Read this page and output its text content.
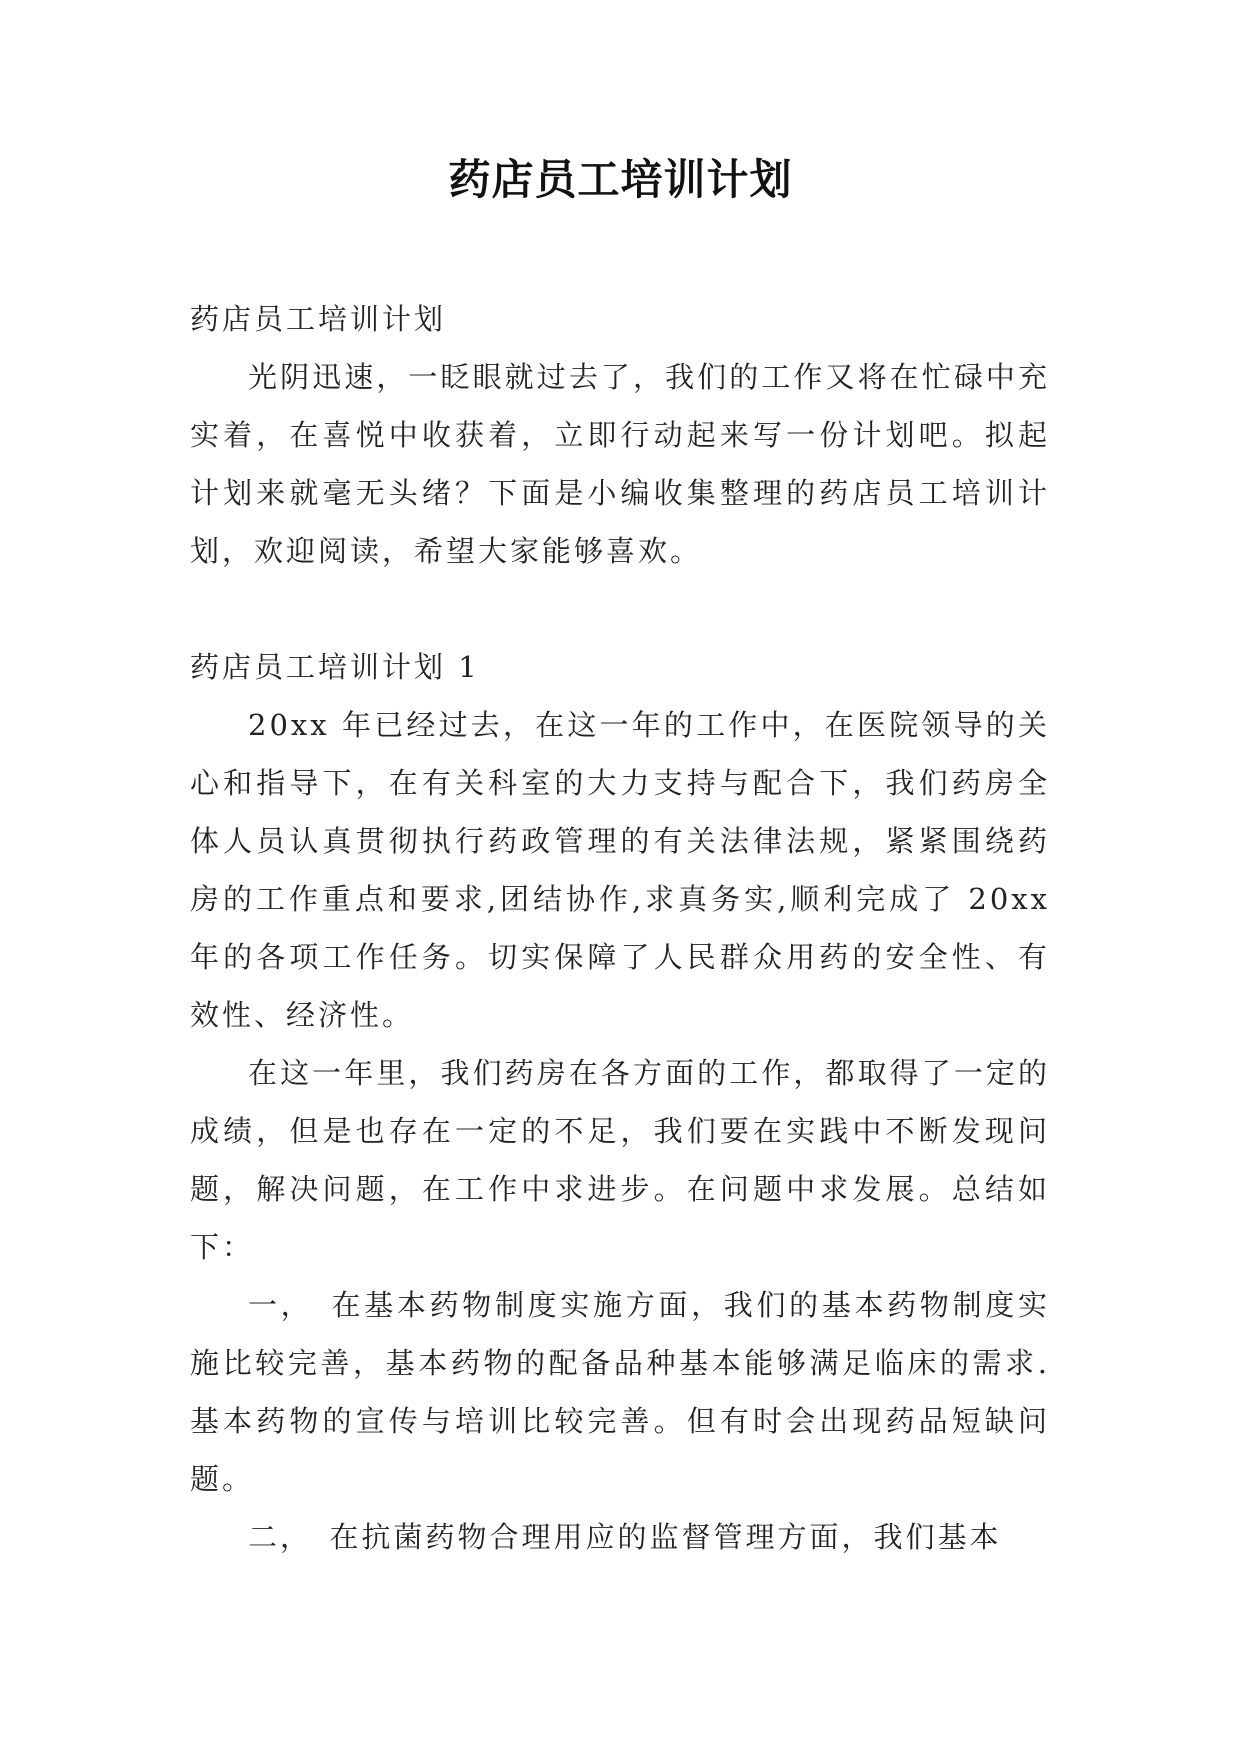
药店员工培训计划

药店员工培训计划

光阴迅速，一眨眼就过去了，我们的工作又将在忙碌中充实着，在喜悦中收获着，立即行动起来写一份计划吧。拟起计划来就毫无头绪？下面是小编收集整理的药店员工培训计划，欢迎阅读，希望大家能够喜欢。

药店员工培训计划 1

20xx 年已经过去，在这一年的工作中，在医院领导的关心和指导下，在有关科室的大力支持与配合下，我们药房全体人员认真贯彻执行药政管理的有关法律法规，紧紧围绕药房的工作重点和要求,团结协作,求真务实,顺利完成了 20xx年的各项工作任务。切实保障了人民群众用药的安全性、有效性、经济性。

在这一年里，我们药房在各方面的工作，都取得了一定的成绩，但是也存在一定的不足，我们要在实践中不断发现问题，解决问题，在工作中求进步。在问题中求发展。总结如下：

一，　在基本药物制度实施方面，我们的基本药物制度实施比较完善，基本药物的配备品种基本能够满足临床的需求.基本药物的宣传与培训比较完善。但有时会出现药品短缺问题。

二，　在抗菌药物合理用应的监督管理方面，我们基本
